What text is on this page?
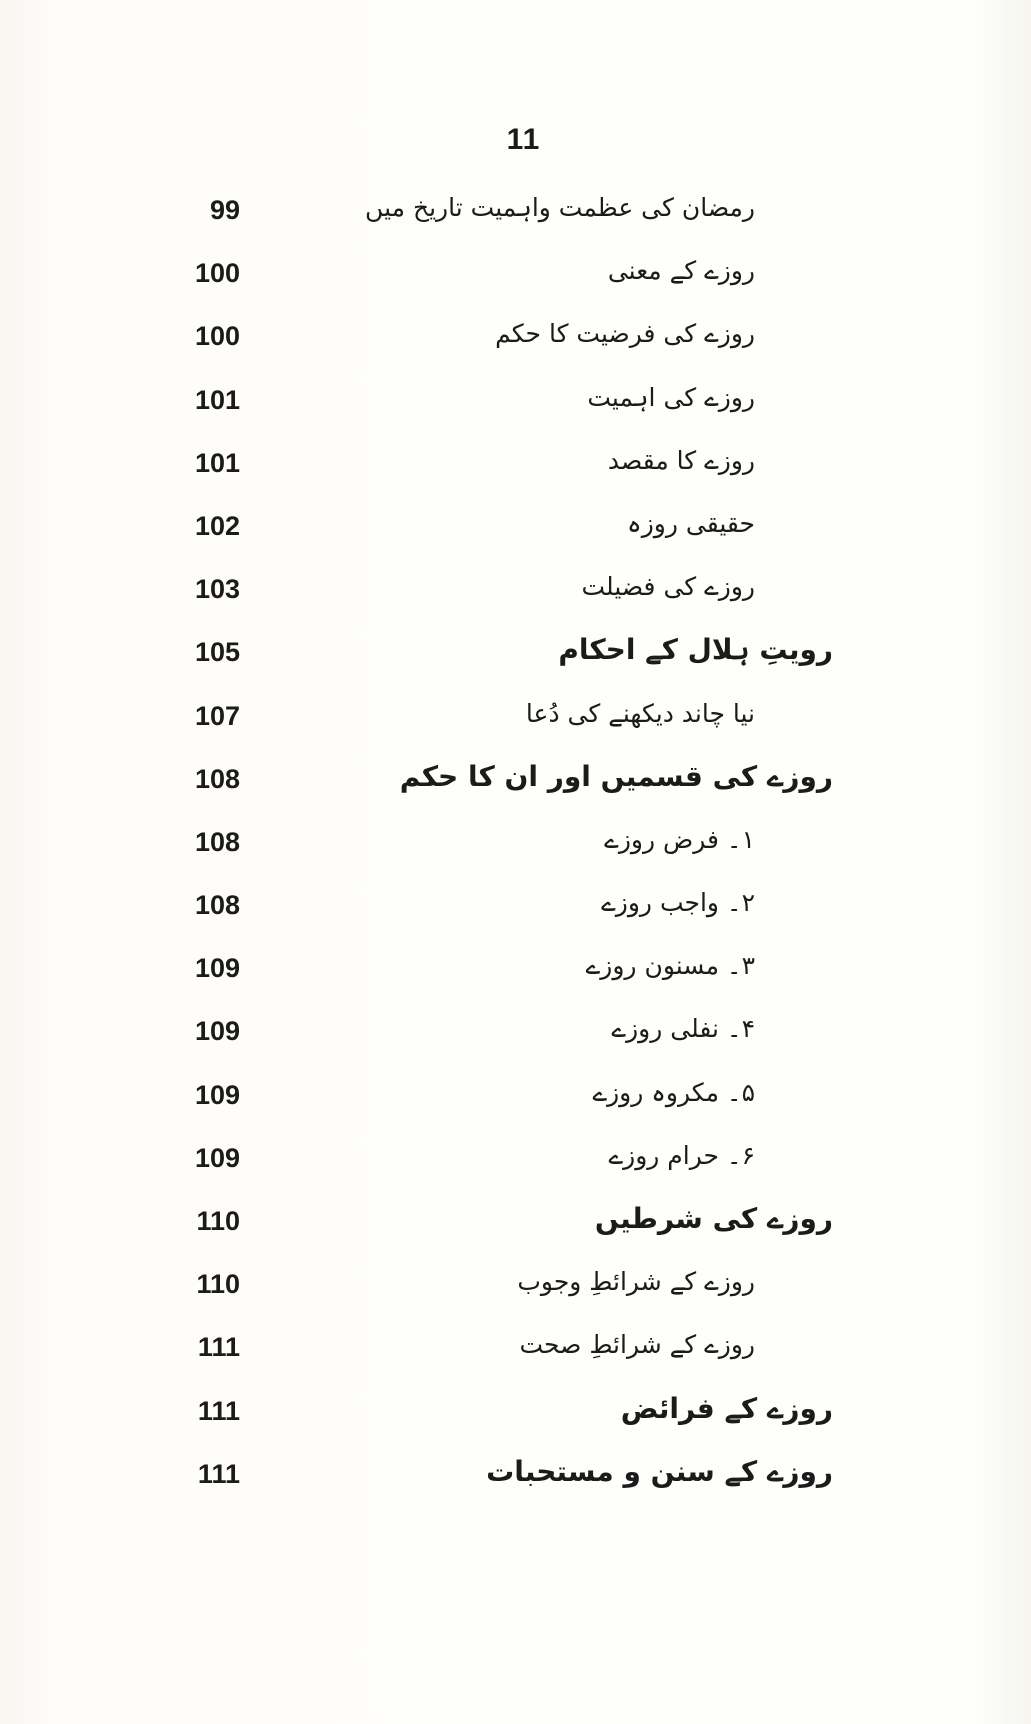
11
99	رمضان کی عظمت واہمیت تاریخ میں
100	روزے کے معنی
100	روزے کی فرضیت کا حکم
101	روزے کی اہمیت
101	روزے کا مقصد
102	حقیقی روزہ
103	روزے کی فضیلت
105	رویتِ ہلال کے احکام
107	نیا چاند دیکھنے کی دُعا
108	روزے کی قسمیں اور ان کا حکم
108	۱۔ فرض روزے
108	۲۔ واجب روزے
109	۳۔ مسنون روزے
109	۴۔ نفلی روزے
109	۵۔ مکروہ روزے
109	۶۔ حرام روزے
110	روزے کی شرطیں
110	روزے کے شرائطِ وجوب
111	روزے کے شرائطِ صحت
111	روزے کے فرائض
111	روزے کے سنن و مستحبات
